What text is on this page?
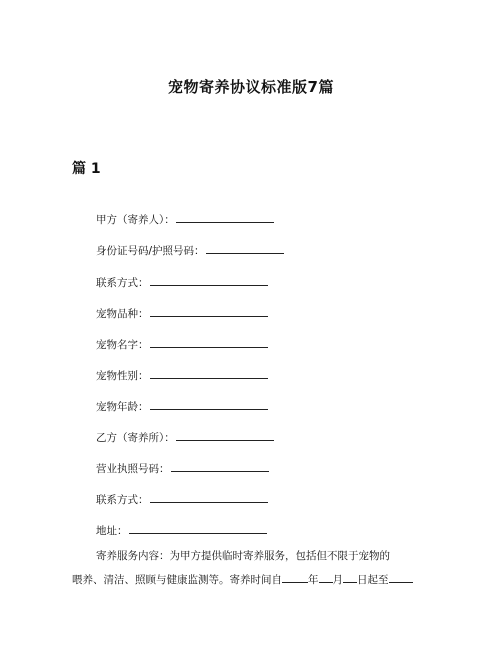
宠物寄养协议标准版7篇
篇 1
甲方（寄养人）：
身份证号码/护照号码：
联系方式：
宠物品种：
宠物名字：
宠物性别：
宠物年龄：
乙方（寄养所）：
营业执照号码：
联系方式：
地址：
寄养服务内容：为甲方提供临时寄养服务，包括但不限于宠物的
喂养、清洁、照顾与健康监测等。寄养时间自 年 月 日起至
